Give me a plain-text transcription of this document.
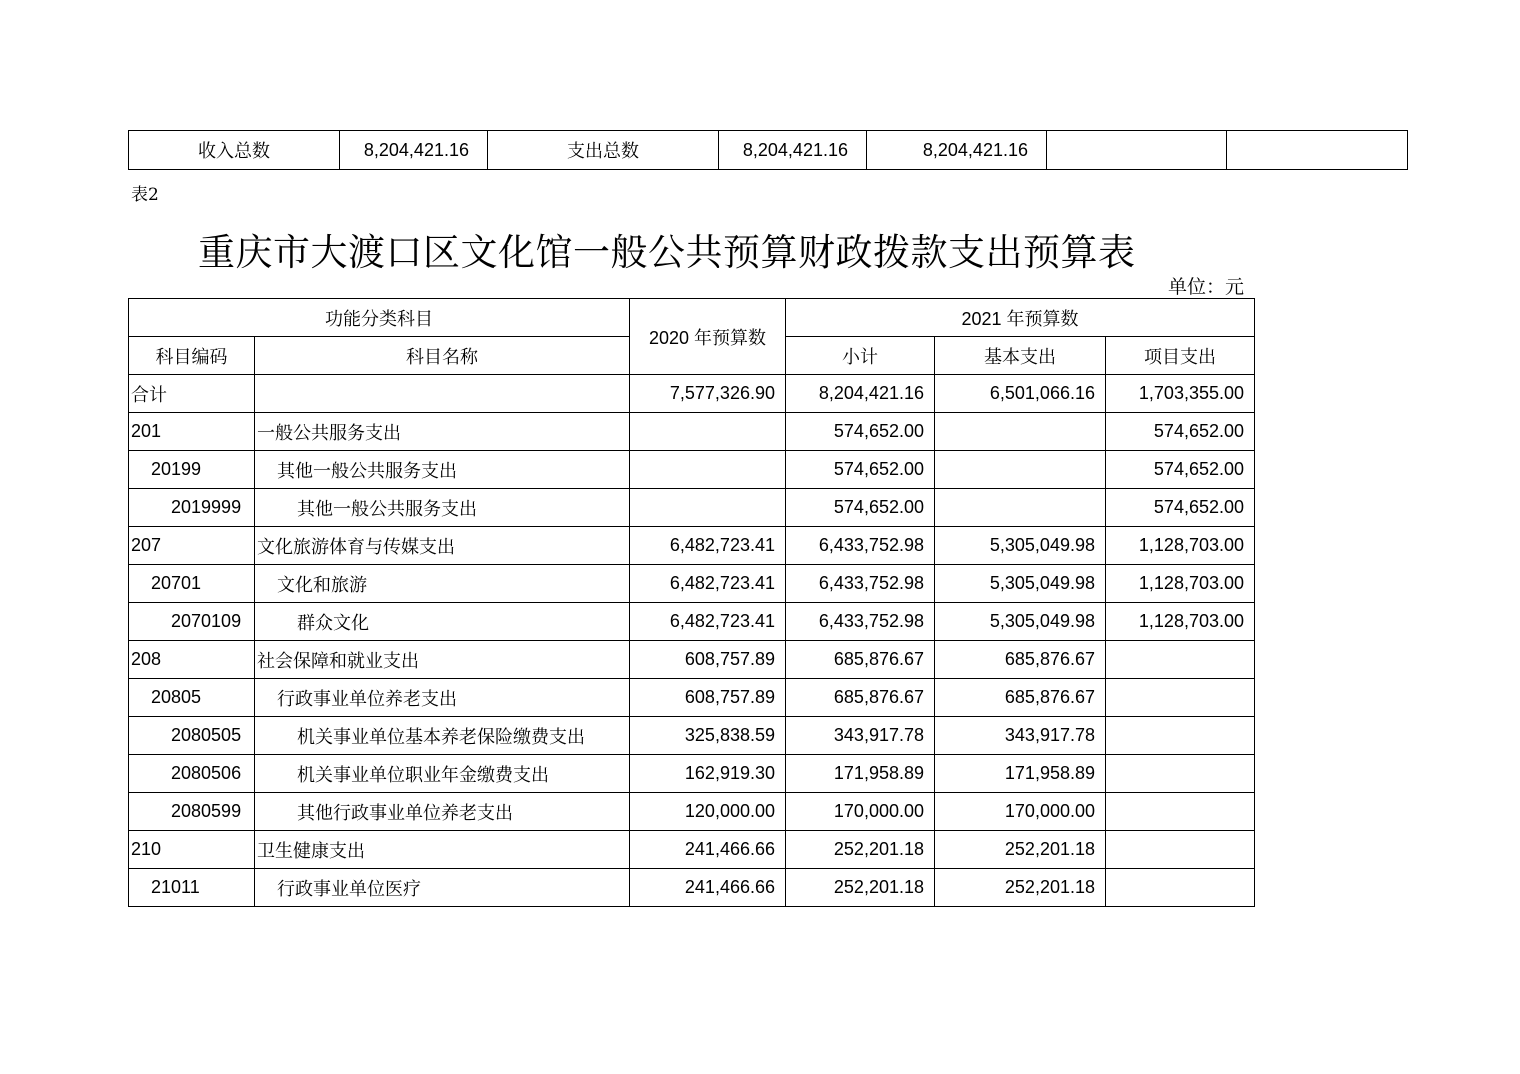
收入总数	8,204,421.16	支出总数	8,204,421.16	8,204,421.16		
表2
重庆市大渡口区文化馆一般公共预算财政拨款支出预算表
单位：元
功能分类科目		2020 年预算数	2021 年预算数		
科目编码	科目名称		小计	基本支出	项目支出
合计		7,577,326.90	8,204,421.16	6,501,066.16	1,703,355.00
201	一般公共服务支出		574,652.00		574,652.00
20199	其他一般公共服务支出		574,652.00		574,652.00
2019999	其他一般公共服务支出		574,652.00		574,652.00
207	文化旅游体育与传媒支出	6,482,723.41	6,433,752.98	5,305,049.98	1,128,703.00
20701	文化和旅游	6,482,723.41	6,433,752.98	5,305,049.98	1,128,703.00
2070109	群众文化	6,482,723.41	6,433,752.98	5,305,049.98	1,128,703.00
208	社会保障和就业支出	608,757.89	685,876.67	685,876.67	
20805	行政事业单位养老支出	608,757.89	685,876.67	685,876.67	
2080505	机关事业单位基本养老保险缴费支出	325,838.59	343,917.78	343,917.78	
2080506	机关事业单位职业年金缴费支出	162,919.30	171,958.89	171,958.89	
2080599	其他行政事业单位养老支出	120,000.00	170,000.00	170,000.00	
210	卫生健康支出	241,466.66	252,201.18	252,201.18	
21011	行政事业单位医疗	241,466.66	252,201.18	252,201.18	
